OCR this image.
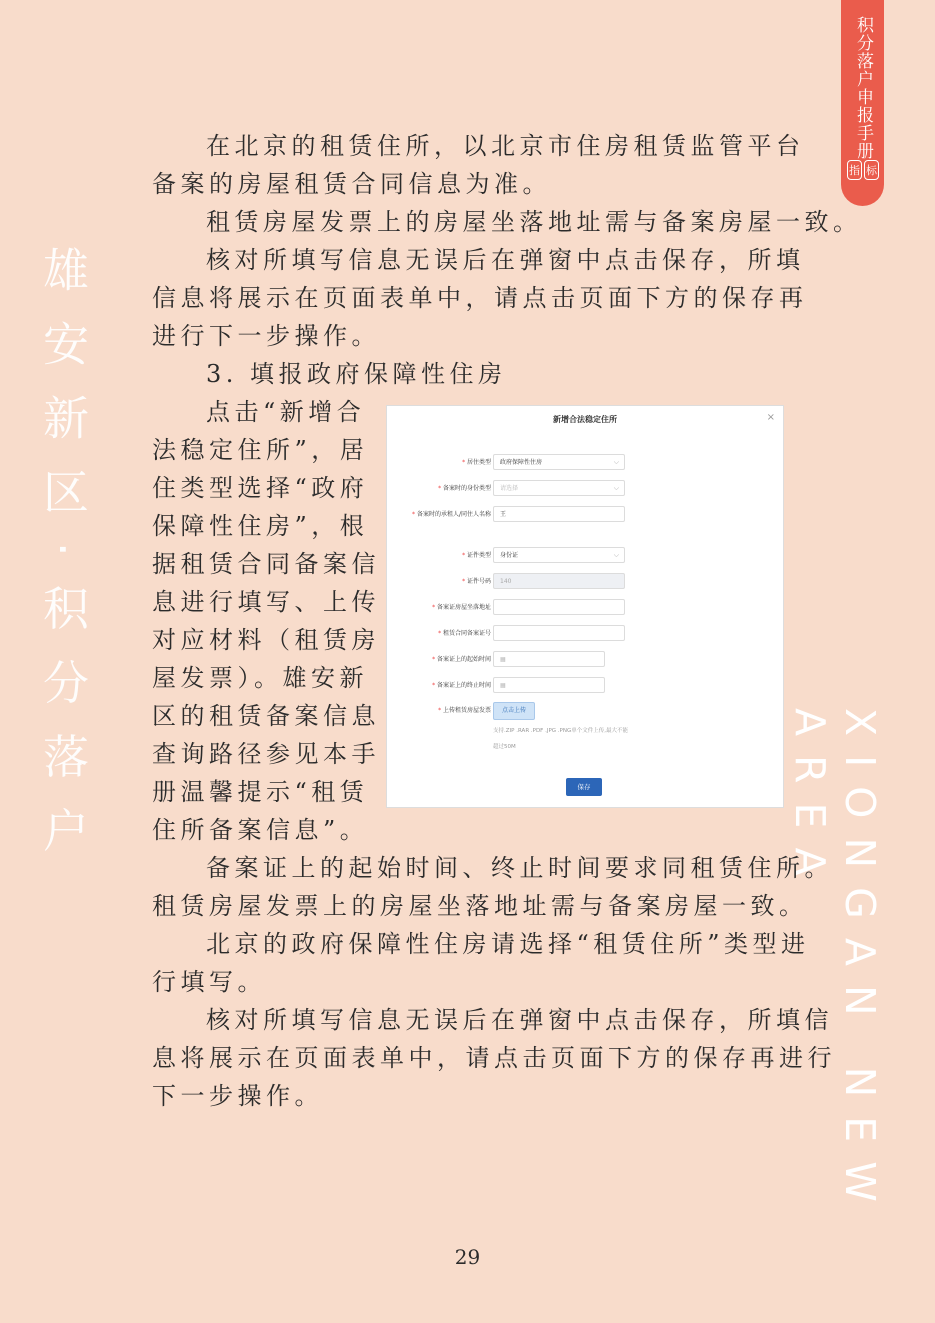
积分落户申报手册
指 标
雄安新区·积分落户
XIONGAN NEW AREA
在北京的租赁住所，以北京市住房租赁监管平台
备案的房屋租赁合同信息为准。
租赁房屋发票上的房屋坐落地址需与备案房屋一致。
核对所填写信息无误后在弹窗中点击保存，所填
信息将展示在页面表单中，请点击页面下方的保存再
进行下一步操作。
3. 填报政府保障性住房
点击“新增合
法稳定住所”，居
住类型选择“政府
保障性住房”，根
据租赁合同备案信
息进行填写、上传
对应材料（租赁房
屋发票）。雄安新
区的租赁备案信息
查询路径参见本手
册温馨提示“租赁
住所备案信息”。
备案证上的起始时间、终止时间要求同租赁住所。
租赁房屋发票上的房屋坐落地址需与备案房屋一致。
北京的政府保障性住房请选择“租赁住所”类型进
行填写。
核对所填写信息无误后在弹窗中点击保存，所填信
息将展示在页面表单中，请点击页面下方的保存再进行
下一步操作。
新增合法稳定住所	×
* 居住类型	政府保障性住房 ⌵
* 备案时的身份类型	请选择 ⌵
* 备案时的承租人/同住人名称	王
* 证件类型	身份证 ⌵
* 证件号码	140
* 备案证房屋坐落地址
* 租赁合同备案证号
* 备案证上的起始时间	▦
* 备案证上的终止时间	▦
* 上传租赁房屋发票	点击上传
支持.ZIP .RAR .PDF .JPG .PNG单个文件上传,最大不能
超过50M
保存
29
